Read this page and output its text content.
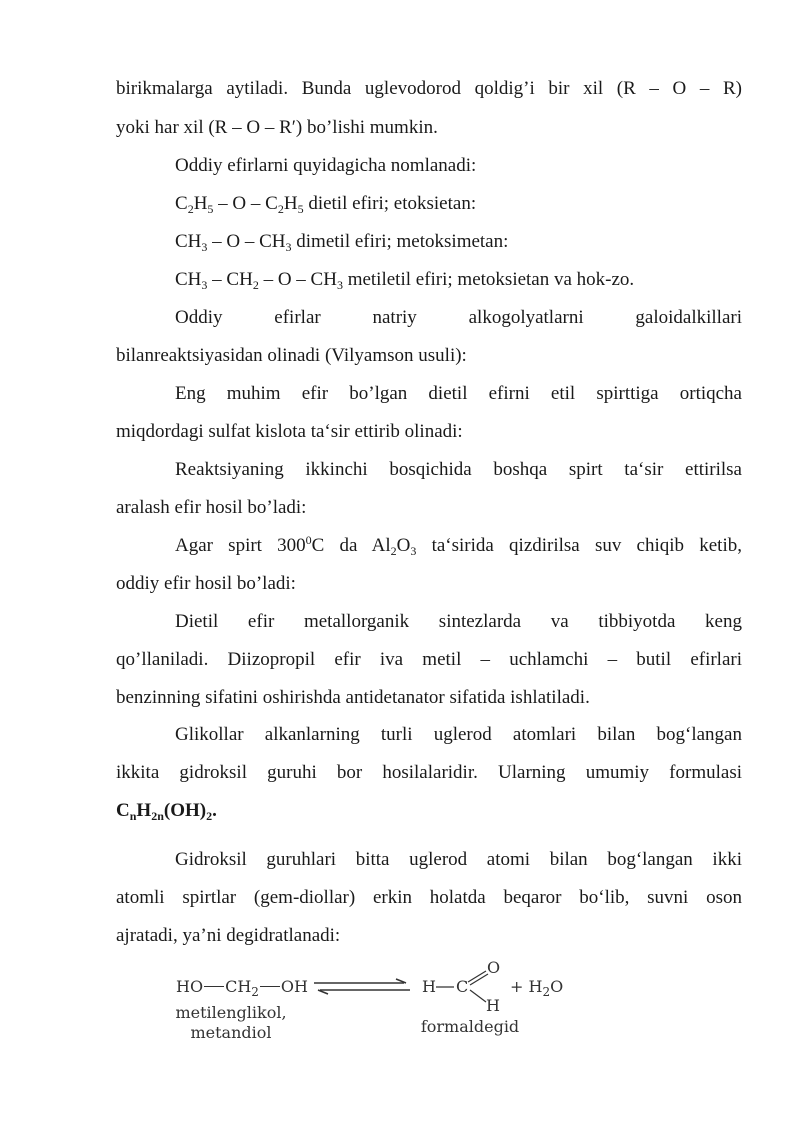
birikmalarga aytiladi. Bunda uglevodorod qoldig’i bir xil (R – O – R)
yoki har xil (R – O – R′) bo’lishi mumkin.
Oddiy efirlarni quyidagicha nomlanadi:
$C_2H_5$ – O – $C_2H_5$ dietil efiri; etoksietan:
$CH_3$ – O – $CH_3$ dimetil efiri; metoksimetan:
$CH_3 - CH_2$ – O – $CH_3$ metiletil efiri; metoksietan va hok-zo.
Oddiy efirlar natriy alkogolyatlarni galoidalkillari
bilanreaktsiyasidan olinadi (Vilyamson usuli):
Eng muhim efir bo’lgan dietil efirni etil spirttiga ortiqcha
miqdordagi sulfat kislota ta‘sir ettirib olinadi:
Reaktsiyaning ikkinchi bosqichida boshqa spirt ta‘sir ettirilsa
aralash efir hosil bo’ladi:
Agar spirt $300^0C$ da $Al_2O_3$ ta‘sirida qizdirilsa suv chiqib ketib,
oddiy efir hosil bo’ladi:
Dietil efir metallorganik sintezlarda va tibbiyotda keng
qo’llaniladi. Diizopropil efir iva metil – uchlamchi – butil efirlari
benzinning sifatini oshirishda antidetanator sifatida ishlatiladi.
Glikollar alkanlarning turli uglerod atomlari bilan bog‘langan
ikkita gidroksil guruhi bor hosilalaridir. Ularning umumiy formulasi
$C_nH_{2n}(OH)_2$.
Gidroksil guruhlari bitta uglerod atomi bilan bog‘langan ikki
atomli spirtlar (gem-diollar) erkin holatda beqaror bo‘lib, suvni oson
ajratadi, ya’ni degidratlanadi:
HO $CH_2$ OH
metilenglikol,
metandiol
H C
O
H
+ $H_2O$
formaldegid
